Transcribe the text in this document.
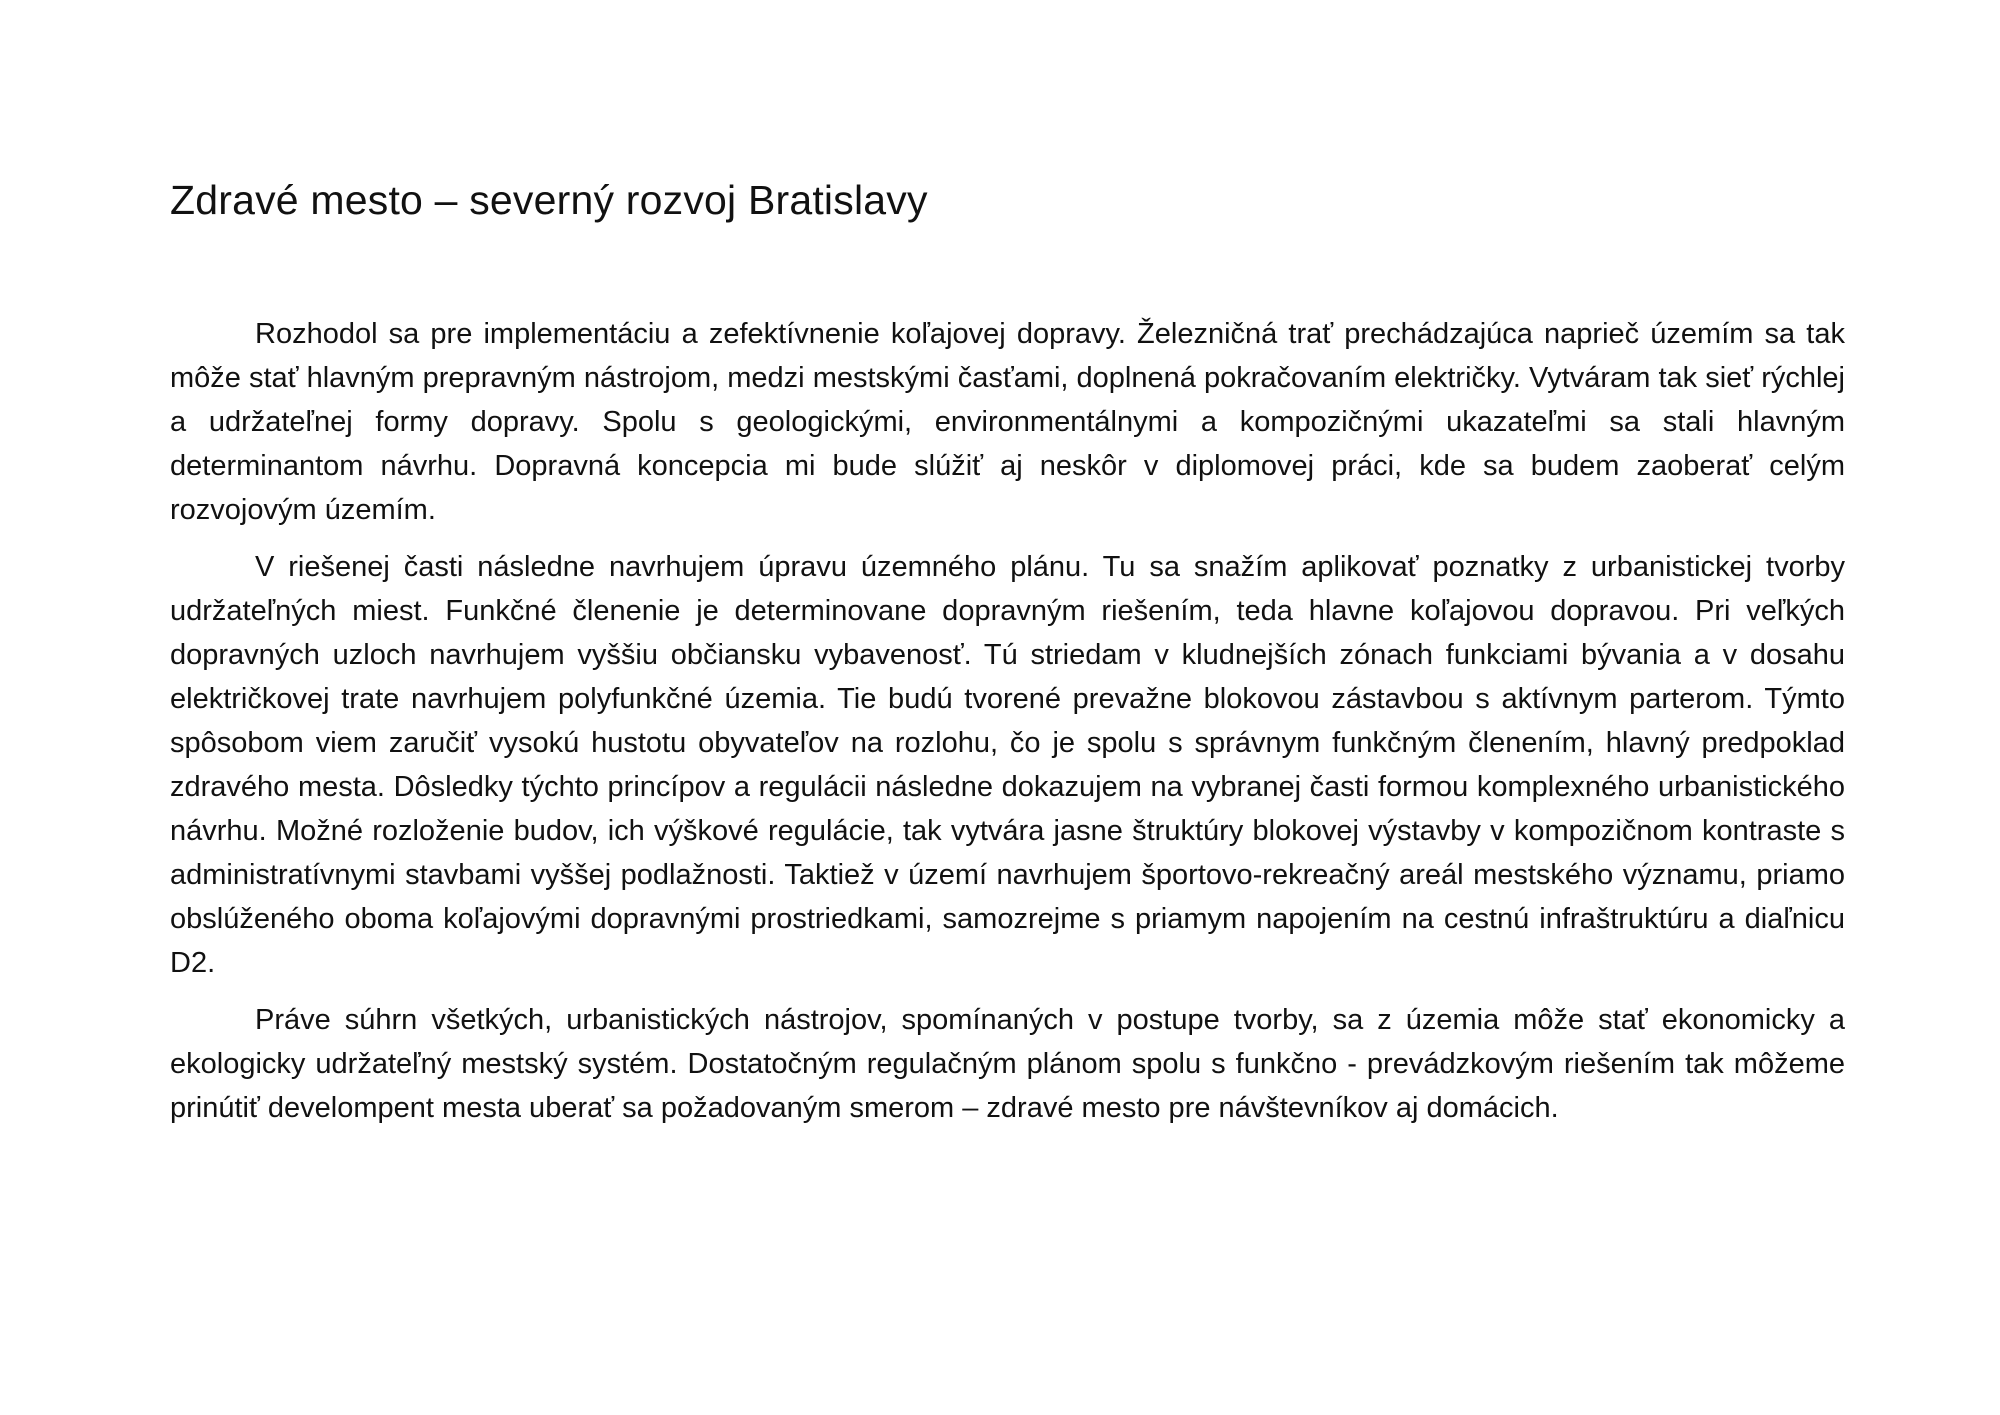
Zdravé mesto – severný rozvoj Bratislavy

Rozhodol sa pre implementáciu a zefektívnenie koľajovej dopravy. Železničná trať prechádzajúca naprieč územím sa tak môže stať hlavným prepravným nástrojom, medzi mestskými časťami, doplnená pokračovaním električky. Vytváram tak sieť rýchlej a udržateľnej formy dopravy. Spolu s geologickými, environmentálnymi a kompozičnými ukazateľmi sa stali hlavným determinantom návrhu. Dopravná koncepcia mi bude slúžiť aj neskôr v diplomovej práci, kde sa budem zaoberať celým rozvojovým územím.

V riešenej časti následne navrhujem úpravu územného plánu. Tu sa snažím aplikovať poznatky z urbanistickej tvorby udržateľných miest. Funkčné členenie je determinovane dopravným riešením, teda hlavne koľajovou dopravou. Pri veľkých dopravných uzloch navrhujem vyššiu občiansku vybavenosť. Tú striedam v kludnejších zónach funkciami bývania a v dosahu električkovej trate navrhujem polyfunkčné územia. Tie budú tvorené prevažne blokovou zástavbou s aktívnym parterom. Týmto spôsobom viem zaručiť vysokú hustotu obyvateľov na rozlohu, čo je spolu s správnym funkčným členením, hlavný predpoklad zdravého mesta. Dôsledky týchto princípov a regulácii následne dokazujem na vybranej časti formou komplexného urbanistického návrhu. Možné rozloženie budov, ich výškové regulácie, tak vytvára jasne štruktúry blokovej výstavby v kompozičnom kontraste s administratívnymi stavbami vyššej podlažnosti. Taktiež v území navrhujem športovo-rekreačný areál mestského významu, priamo obslúženého oboma koľajovými dopravnými prostriedkami, samozrejme s priamym napojením na cestnú infraštruktúru a diaľnicu D2.

Práve súhrn všetkých, urbanistických nástrojov, spomínaných v postupe tvorby, sa z územia môže stať ekonomicky a ekologicky udržateľný mestský systém. Dostatočným regulačným plánom spolu s funkčno - prevádzkovým riešením tak môžeme prinútiť develompent mesta uberať sa požadovaným smerom – zdravé mesto pre návštevníkov aj domácich.
